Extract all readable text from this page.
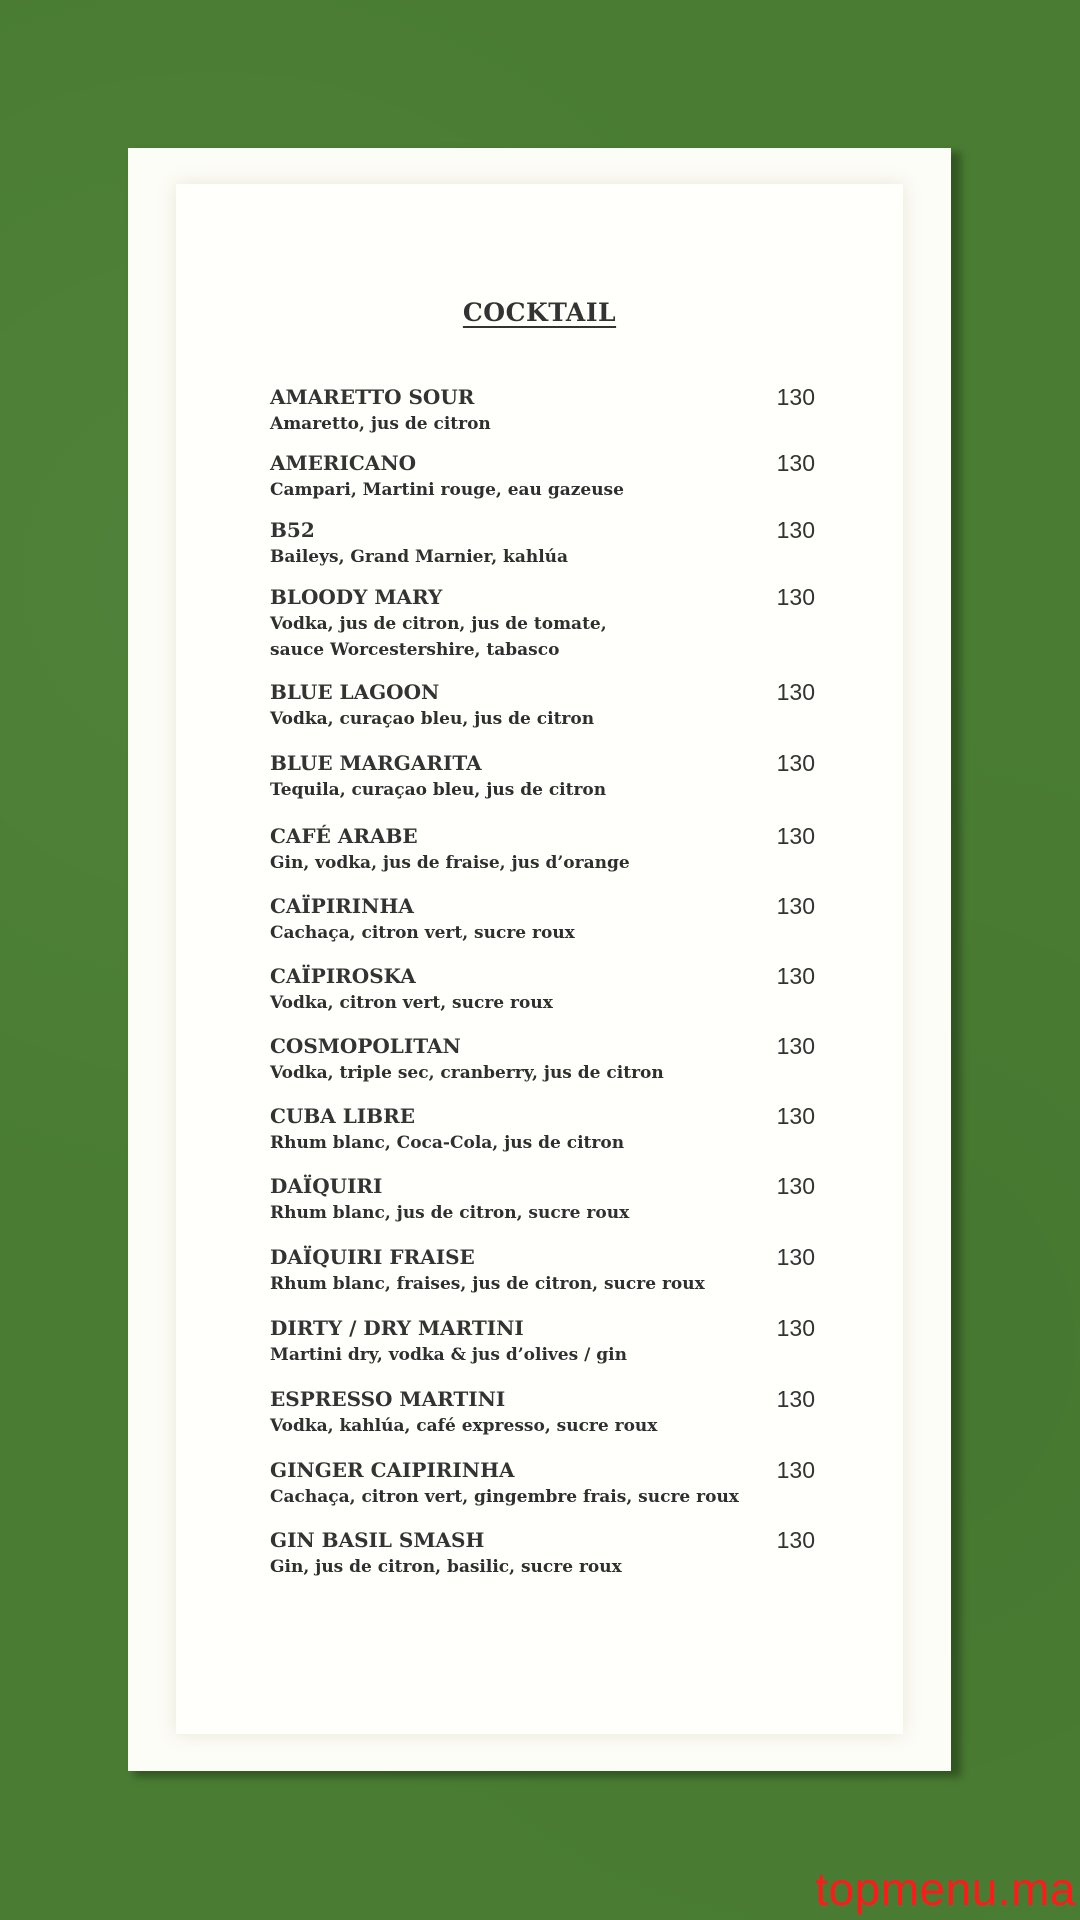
COCKTAIL
AMARETTO SOUR
Amaretto, jus de citron
130
AMERICANO
Campari, Martini rouge, eau gazeuse
130
B52
Baileys, Grand Marnier, kahlúa
130
BLOODY MARY
Vodka, jus de citron, jus de tomate,
sauce Worcestershire, tabasco
130
BLUE LAGOON
Vodka, curaçao bleu, jus de citron
130
BLUE MARGARITA
Tequila, curaçao bleu, jus de citron
130
CAFÉ ARABE
Gin, vodka, jus de fraise, jus d’orange
130
CAÏPIRINHA
Cachaça, citron vert, sucre roux
130
CAÏPIROSKA
Vodka, citron vert, sucre roux
130
COSMOPOLITAN
Vodka, triple sec, cranberry, jus de citron
130
CUBA LIBRE
Rhum blanc, Coca-Cola, jus de citron
130
DAÏQUIRI
Rhum blanc, jus de citron, sucre roux
130
DAÏQUIRI FRAISE
Rhum blanc, fraises, jus de citron, sucre roux
130
DIRTY / DRY MARTINI
Martini dry, vodka & jus d’olives / gin
130
ESPRESSO MARTINI
Vodka, kahlúa, café expresso, sucre roux
130
GINGER CAIPIRINHA
Cachaça, citron vert, gingembre frais, sucre roux
130
GIN BASIL SMASH
Gin, jus de citron, basilic, sucre roux
130
topmenu.ma
